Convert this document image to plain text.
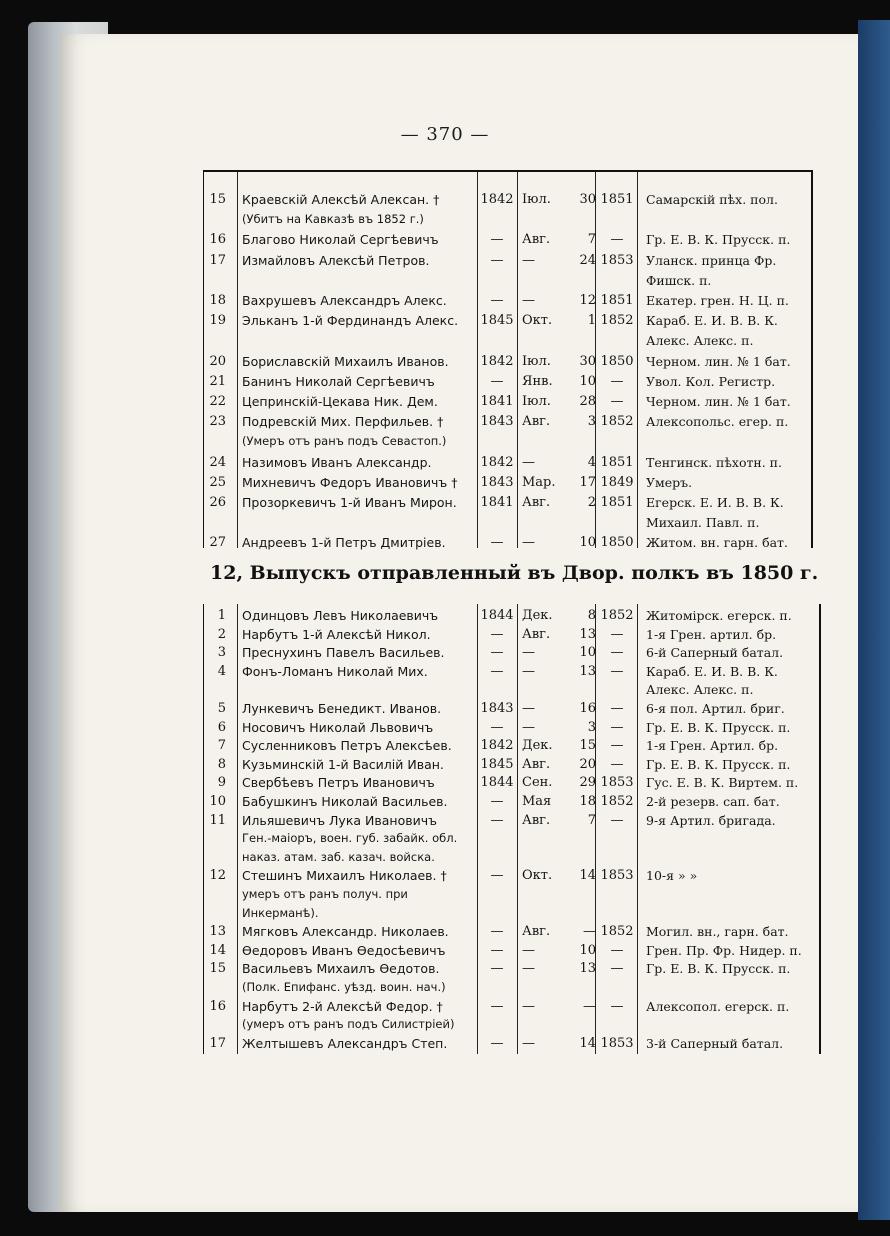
— 370 —
15 Краевскій Алексѣй Алексан. †	1842 Іюл.	30 1851 Самарскій пѣх. пол.
(Убитъ на Кавказѣ въ 1852 г.)
16 Благово Николай Сергѣевичъ	—	Авг.	7	—	Гр. Е. В. К. Прусск. п.
17 Измайловъ Алексѣй Петров.	—	—	24 1853 Уланск. принца Фр.
Фишск. п.
18 Вахрушевъ Александръ Алекс.	—	—	12 1851 Екатер. грен. Н. Ц. п.
19 Эльканъ 1-й Фердинандъ Алекс. 1845 Окт.	1 1852 Караб. Е. И. В. В. К.
Алекс. Алекс. п.
20 Бориславскій Михаилъ Иванов. 1842 Іюл.	30 1850 Черном. лин. № 1 бат.
21 Банинъ Николай Сергѣевичъ	—	Янв.	10	—	Увол. Кол. Регистр.
22 Цепринскій-Цекава Ник. Дем.	1841 Іюл.	28	—	Черном. лин. № 1 бат.
23 Подревскій Мих. Перфильев. †	1843 Авг.	3 1852 Алексопольс. егер. п.
(Умеръ отъ ранъ подъ Севастоп.)
24 Назимовъ Иванъ Александр.	1842 —	4 1851 Тенгинск. пѣхотн. п.
25 Михневичъ Федоръ Ивановичъ † 1843 Мар.	17 1849 Умеръ.
26 Прозоркевичъ 1-й Иванъ Мирон. 1841 Авг.	2 1851 Егерск. Е. И. В. В. К.
Михаил. Павл. п.
27 Андреевъ 1-й Петръ Дмитріев.	—	—	10 1850 Житом. вн. гарн. бат.
12, Выпускъ отправленный въ Двор. полкъ въ 1850 г.
1 Одинцовъ Левъ Николаевичъ	1844 Дек.	8 1852 Житомірск. егерск. п.
2 Нарбутъ 1-й Алексѣй Никол.	—	Авг.	13	—	1-я Грен. артил. бр.
3 Преснухинъ Павелъ Васильев.	—	—	10	—	6-й Саперный батал.
4 Фонъ-Ломанъ Николай Мих.	—	—	13	—	Караб. Е. И. В. В. К.
Алекс. Алекс. п.
5 Лункевичъ Бенедикт. Иванов.	1843 —	16	—	6-я пол. Артил. бриг.
6 Носовичъ Николай Львовичъ	—	—	3	—	Гр. Е. В. К. Прусск. п.
7 Сусленниковъ Петръ Алексѣев. 1842 Дек.	15	—	1-я Грен. Артил. бр.
8 Кузьминскій 1-й Василій Иван.	1845 Авг.	20	—	Гр. Е. В. К. Прусск. п.
9 Свербѣевъ Петръ Ивановичъ	1844 Сен.	29 1853 Гус. Е. В. К. Виртем. п.
10 Бабушкинъ Николай Васильев.	—	Мая	18 1852 2-й резерв. сап. бат.
11 Ильяшевичъ Лука Ивановичъ	—	Авг.	7	—	9-я Артил. бригада.
Ген.-маіоръ, воен. губ. забайк. обл.
наказ. атам. заб. казач. войска.
12 Стешинъ Михаилъ Николаев. †	—	Окт.	14 1853 10-я » »
умеръ отъ ранъ получ. при
Инкерманѣ).
13 Мягковъ Александр. Николаев.	—	Авг.	— 1852 Могил. вн., гарн. бат.
14 Өедоровъ Иванъ Өедосѣевичъ	—	—	10	—	Грен. Пр. Фр. Нидер. п.
15 Васильевъ Михаилъ Өедотов.	—	—	13	—	Гр. Е. В. К. Прусск. п.
(Полк. Епифанс. уѣзд. воин. нач.)
16 Нарбутъ 2-й Алексѣй Федор. †	—	—	—	—	Алексопол. егерск. п.
(умеръ отъ ранъ подъ Силистріей)
17 Желтышевъ Александръ Степ.	—	—	14 1853 3-й Саперный батал.
